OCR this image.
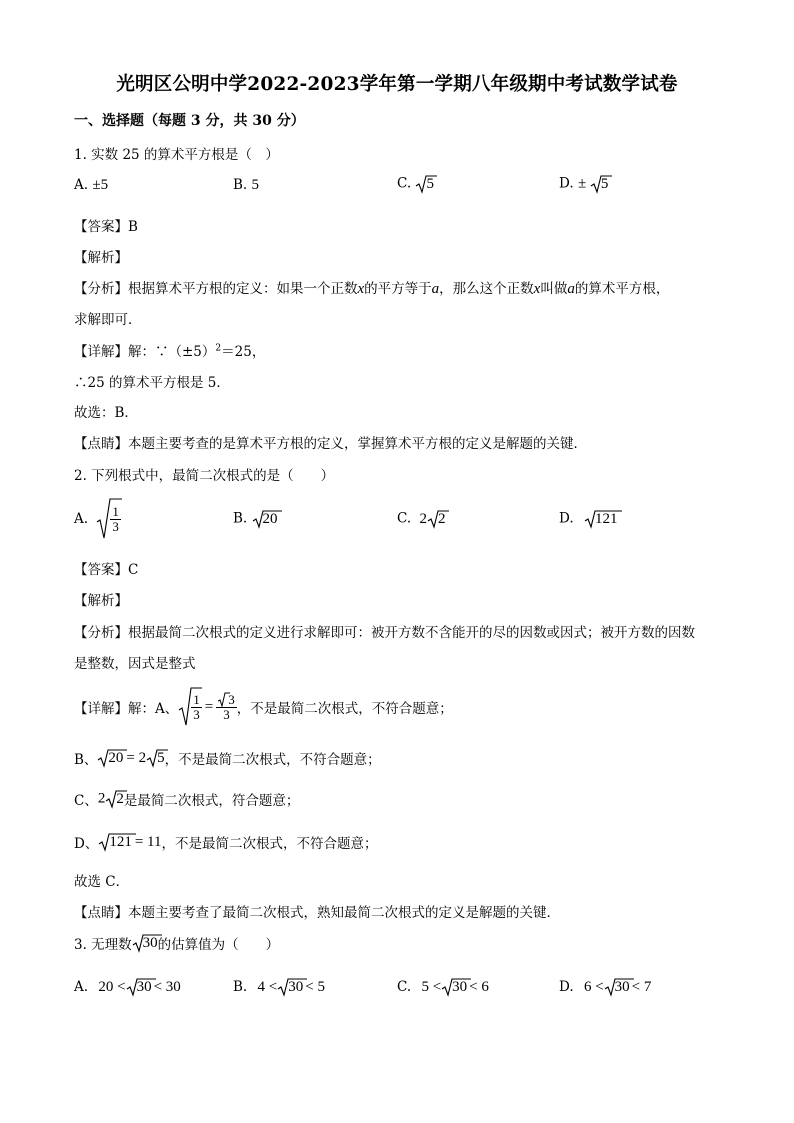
光明区公明中学2022-2023学年第一学期八年级期中考试数学试卷
一、选择题（每题 3 分，共 30 分）
1. 实数 25 的算术平方根是（　）
A. ±5	B. 5	C. 5	D. ±
5
【答案】B
【解析】
【分析】根据算术平方根的定义：如果一个正数x的平方等于a，那么这个正数x叫做a的算术平方根，
求解即可．
【详解】解：$\because(\pm 5)^2=25$，
∴25 的算术平方根是 5．
故选：B．
【点睛】本题主要考查的是算术平方根的定义，掌握算术平方根的定义是解题的关键．
2. 下列根式中，最简二次根式的是（　　）
A. $\frac{1}{3}$	B. 20	C. 2 2	D. 121
【答案】C
【解析】
【分析】根据最简二次根式的定义进行求解即可：被开方数不含能开的尽的因数或因式；被开方数的因数
是整数，因式是整式
【详解】解：A、 $\frac{1}{3} = \frac{3}{3}$ ，不是最简二次根式，不符合题意；
B、 20 = 2 5，不是最简二次根式，不符合题意；
C、2 2是最简二次根式，符合题意；
D、 121 = 11，不是最简二次根式，不符合题意；
故选 C．
【点睛】本题主要考查了最简二次根式，熟知最简二次根式的定义是解题的关键．
3. 无理数 30的估算值为（　　）
A. 20 < 30 < 30	B. 4 < 30 < 5	C. 5 < 30 < 6	D. 6 < 30 < 7
